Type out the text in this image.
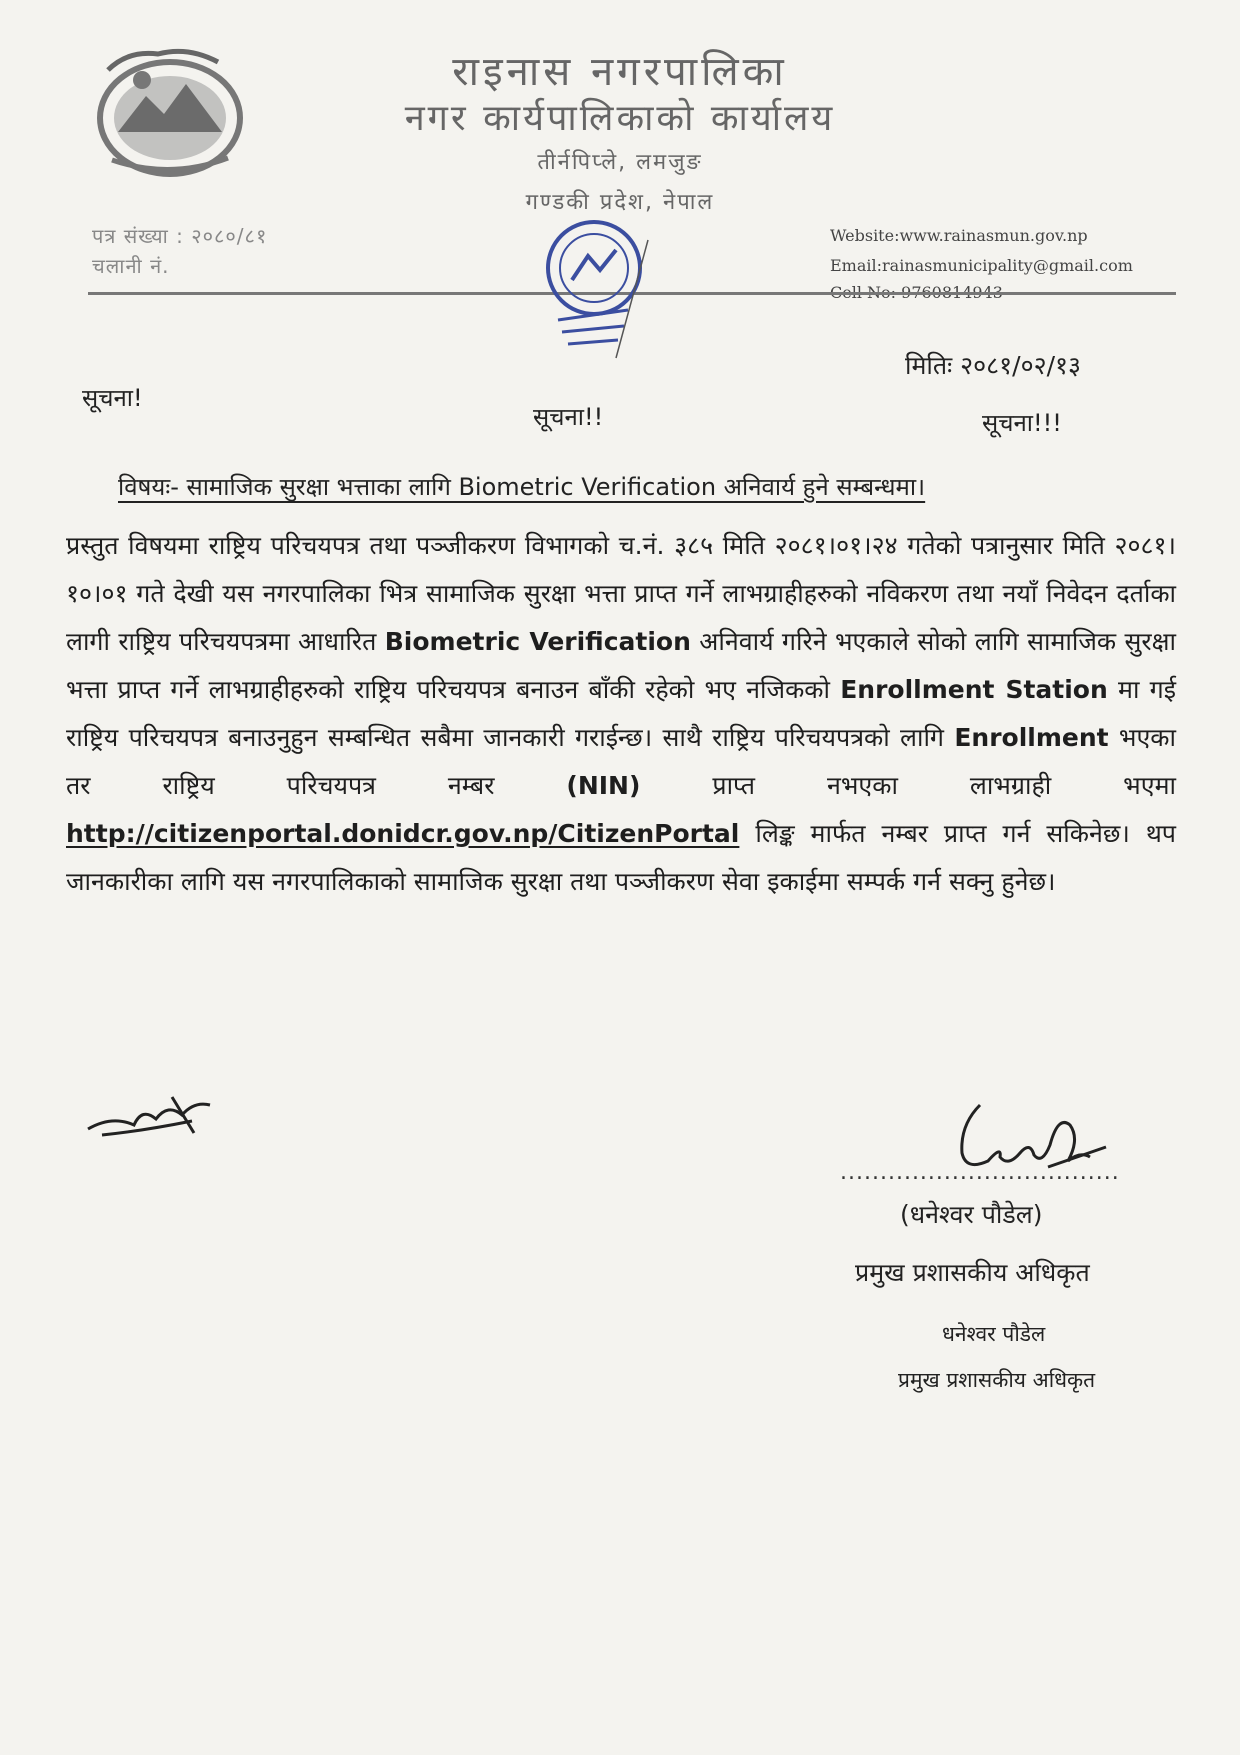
राइनास नगरपालिका
नगर कार्यपालिकाको कार्यालय
तीर्नपिप्ले, लमजुङ
गण्डकी प्रदेश, नेपाल
पत्र संख्या : २०८०/८१
चलानी नं.
Website:www.rainasmun.gov.np
Email:rainasmunicipality@gmail.com
मितिः २०८१/०२/१३
सूचना!
सूचना!!	सूचना!!!
विषयः- सामाजिक सुरक्षा भत्ताका लागि Biometric Verification अनिवार्य हुने सम्बन्धमा।
प्रस्तुत विषयमा राष्ट्रिय परिचयपत्र तथा पञ्जीकरण विभागको च.नं. ३८५ मिति २०८१।०१।२४ गतेको पत्रानुसार मिति २०८१।१०।०१ गते देखी यस नगरपालिका भित्र सामाजिक सुरक्षा भत्ता प्राप्त गर्ने लाभग्राहीहरुको नविकरण तथा नयाँ निवेदन दर्ताका लागी राष्ट्रिय परिचयपत्रमा आधारित Biometric Verification अनिवार्य गरिने भएकाले सोको लागि सामाजिक सुरक्षा भत्ता प्राप्त गर्ने लाभग्राहीहरुको राष्ट्रिय परिचयपत्र बनाउन बाँकी रहेको भए नजिकको Enrollment Station मा गई राष्ट्रिय परिचयपत्र बनाउनुहुन सम्बन्धित सबैमा जानकारी गराईन्छ। साथै राष्ट्रिय परिचयपत्रको लागि Enrollment भएका तर राष्ट्रिय परिचयपत्र नम्बर (NIN) प्राप्त नभएका लाभग्राही भएमा http://citizenportal.donidcr.gov.np/CitizenPortal लिङ्क मार्फत नम्बर प्राप्त गर्न सकिनेछ। थप जानकारीका लागि यस नगरपालिकाको सामाजिक सुरक्षा तथा पञ्जीकरण सेवा इकाईमा सम्पर्क गर्न सक्नु हुनेछ।
...................................
(धनेश्वर पौडेल)
प्रमुख प्रशासकीय अधिकृत
धनेश्वर पौडेल
प्रमुख प्रशासकीय अधिकृत
